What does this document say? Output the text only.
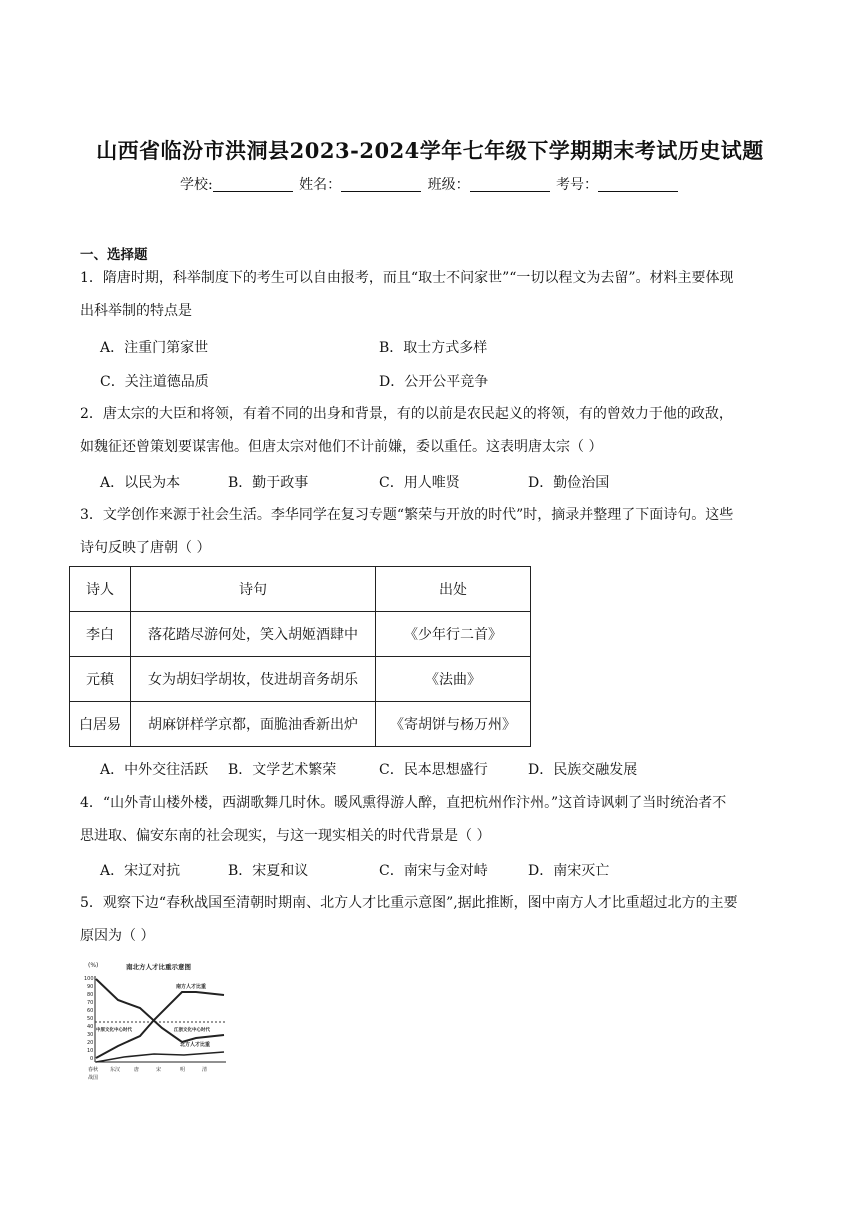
山西省临汾市洪洞县2023-2024学年七年级下学期期末考试历史试题
学校:	姓名：	班级：	考号：
一、选择题
1．隋唐时期，科举制度下的考生可以自由报考，而且“取士不问家世”“一切以程文为去留”。材料主要体现
出科举制的特点是
A．注重门第家世	B．取士方式多样
C．关注道德品质	D．公开公平竞争
2．唐太宗的大臣和将领，有着不同的出身和背景，有的以前是农民起义的将领，有的曾效力于他的政敌，
如魏征还曾策划要谋害他。但唐太宗对他们不计前嫌，委以重任。这表明唐太宗（ ）
A．以民为本	B．勤于政事	C．用人唯贤	D．勤俭治国
3．文学创作来源于社会生活。李华同学在复习专题“繁荣与开放的时代”时，摘录并整理了下面诗句。这些
诗句反映了唐朝（ ）
诗人	诗句	出处
李白	落花踏尽游何处，笑入胡姬酒肆中	《少年行二首》
元稹	女为胡妇学胡妆，伎进胡音务胡乐	《法曲》
白居易	胡麻饼样学京都，面脆油香新出炉	《寄胡饼与杨万州》
A．中外交往活跃 B．文学艺术繁荣	C．民本思想盛行	D．民族交融发展
4．“山外青山楼外楼，西湖歌舞几时休。暖风熏得游人醉，直把杭州作汴州。”这首诗讽刺了当时统治者不
思进取、偏安东南的社会现实，与这一现实相关的时代背景是（ ）
A．宋辽对抗	B．宋夏和议	C．南宋与金对峙	D．南宋灭亡
5．观察下边“春秋战国至清朝时期南、北方人才比重示意图”,据此推断，图中南方人才比重超过北方的主要
原因为（ ）
(%)	南北方人才比重示意图
100
90
80
70
60
50
40
30
20
10
0
春秋
战国
东汉	唐	宋	明	清
南方人才比重
北方人才比重
中原文化中心时代	江浙文化中心时代
